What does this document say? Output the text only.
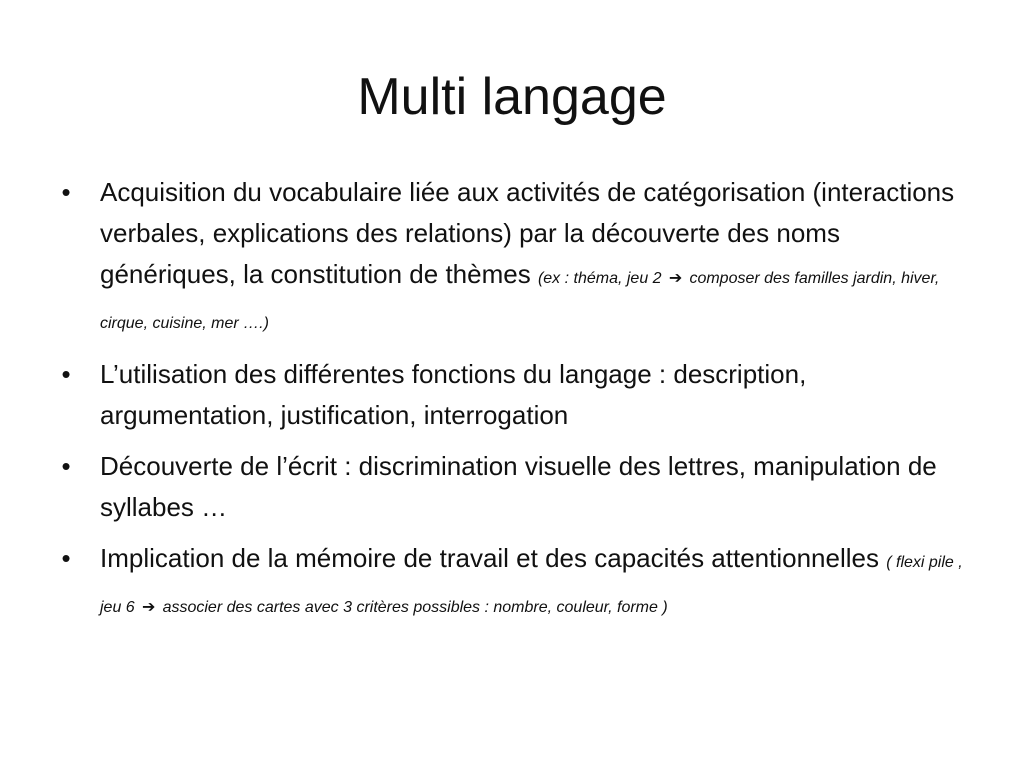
Multi langage
• Acquisition du vocabulaire liée aux activités de catégorisation (interactions verbales, explications des relations) par la découverte des noms génériques, la constitution de thèmes (ex : théma, jeu 2 ➔ composer des familles jardin, hiver, cirque, cuisine, mer ….)
• L’utilisation des différentes fonctions du langage : description, argumentation, justification, interrogation
• Découverte de l’écrit : discrimination visuelle des lettres, manipulation de syllabes …
• Implication de la mémoire de travail et des capacités attentionnelles ( flexi pile , jeu 6 ➔ associer des cartes avec 3 critères possibles : nombre, couleur, forme )
